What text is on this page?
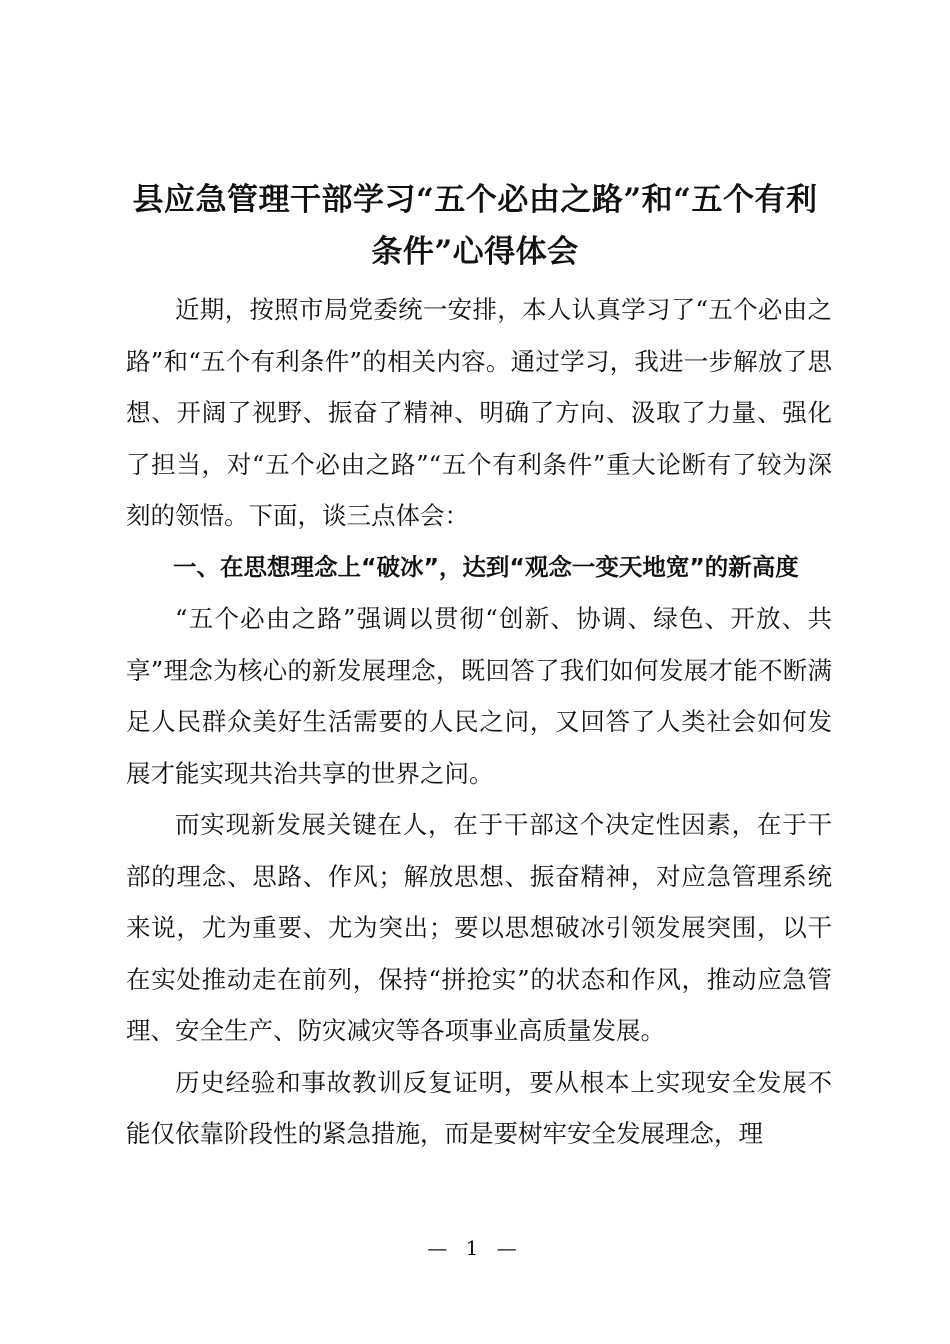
县应急管理干部学习“五个必由之路”和“五个有利条件”心得体会

近期，按照市局党委统一安排，本人认真学习了“五个必由之路”和“五个有利条件”的相关内容。通过学习，我进一步解放了思想、开阔了视野、振奋了精神、明确了方向、汲取了力量、强化了担当，对“五个必由之路”“五个有利条件”重大论断有了较为深刻的领悟。下面，谈三点体会：

一、在思想理念上“破冰”，达到“观念一变天地宽”的新高度

“五个必由之路”强调以贯彻“创新、协调、绿色、开放、共享”理念为核心的新发展理念，既回答了我们如何发展才能不断满足人民群众美好生活需要的人民之问，又回答了人类社会如何发展才能实现共治共享的世界之问。

而实现新发展关键在人，在于干部这个决定性因素，在于干部的理念、思路、作风；解放思想、振奋精神，对应急管理系统来说，尤为重要、尤为突出；要以思想破冰引领发展突围，以干在实处推动走在前列，保持“拼抢实”的状态和作风，推动应急管理、安全生产、防灾减灾等各项事业高质量发展。

历史经验和事故教训反复证明，要从根本上实现安全发展不能仅依靠阶段性的紧急措施，而是要树牢安全发展理念，理

— 1 —
